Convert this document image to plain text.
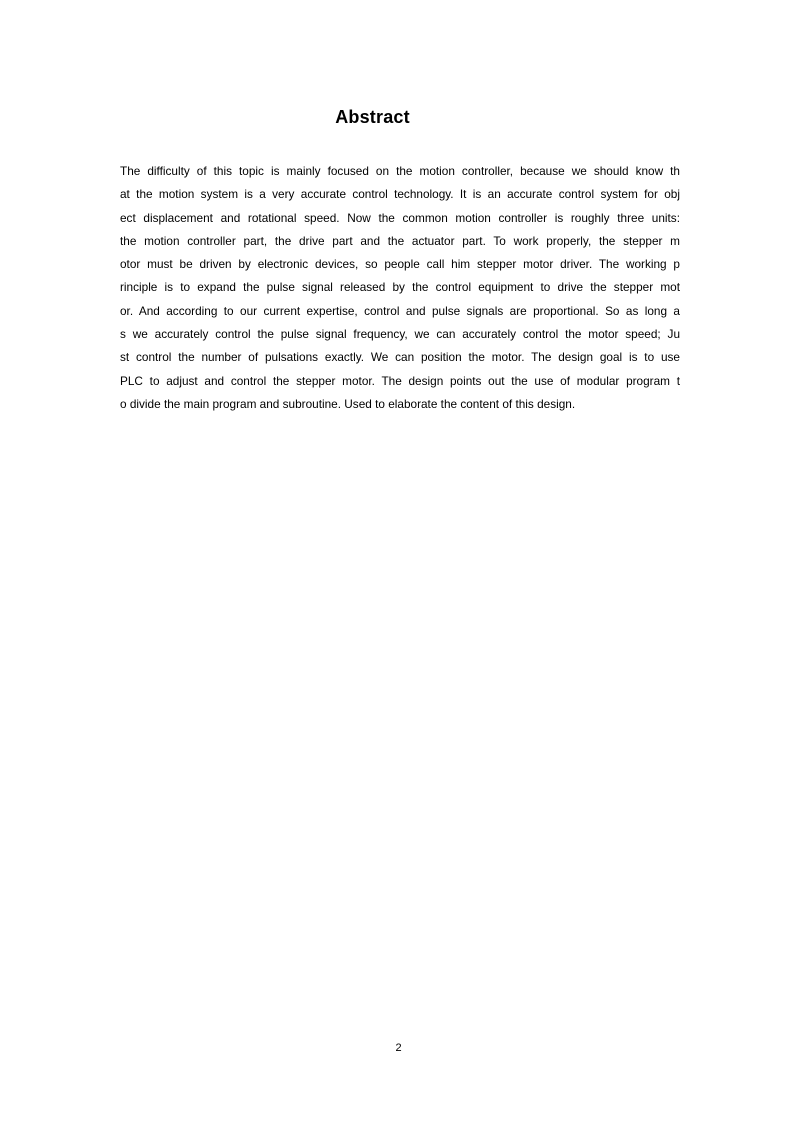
Abstract
The difficulty of this topic is mainly focused on the motion controller, because we should know th
at the motion system is a very accurate control technology. It is an accurate control system for obj
ect displacement and rotational speed. Now the common motion controller is roughly three units:
the motion controller part, the drive part and the actuator part. To work properly, the stepper m
otor must be driven by electronic devices, so people call him stepper motor driver. The working p
rinciple is to expand the pulse signal released by the control equipment to drive the stepper mot
or. And according to our current expertise, control and pulse signals are proportional. So as long a
s we accurately control the pulse signal frequency, we can accurately control the motor speed; Ju
st control the number of pulsations exactly. We can position the motor. The design goal is to use
PLC to adjust and control the stepper motor. The design points out the use of modular program t
o divide the main program and subroutine. Used to elaborate the content of this design.
2
